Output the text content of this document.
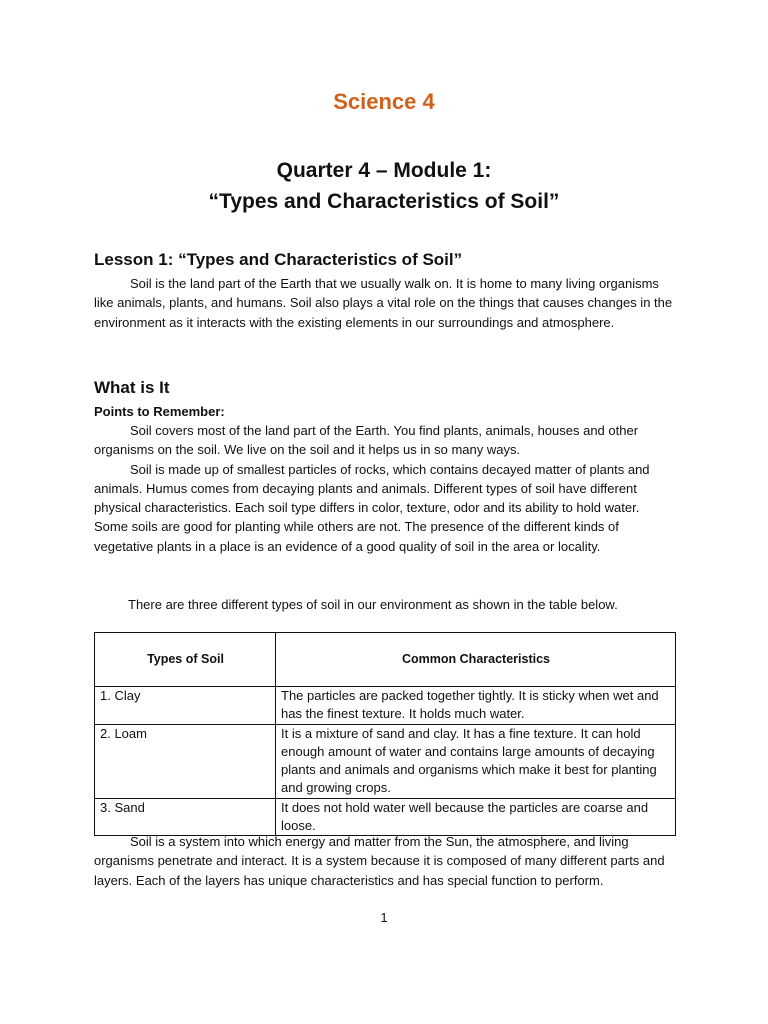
Science 4
Quarter 4 – Module 1:
“Types and Characteristics of Soil”
Lesson 1: “Types and Characteristics of Soil”

Soil is the land part of the Earth that we usually walk on. It is home to many living organisms like animals, plants, and humans. Soil also plays a vital role on the things that causes changes in the environment as it interacts with the existing elements in our surroundings and atmosphere.

What is It
Points to Remember:

Soil covers most of the land part of the Earth. You find plants, animals, houses and other organisms on the soil. We live on the soil and it helps us in so many ways.

Soil is made up of smallest particles of rocks, which contains decayed matter of plants and animals. Humus comes from decaying plants and animals. Different types of soil have different physical characteristics. Each soil type differs in color, texture, odor and its ability to hold water. Some soils are good for planting while others are not. The presence of the different kinds of vegetative plants in a place is an evidence of a good quality of soil in the area or locality.

There are three different types of soil in our environment as shown in the table below.
Types of Soil	Common Characteristics
1. Clay	The particles are packed together tightly. It is sticky when wet and has the finest texture. It holds much water.
2. Loam	It is a mixture of sand and clay. It has a fine texture. It can hold enough amount of water and contains large amounts of decaying plants and animals and organisms which make it best for planting and growing crops.
3. Sand	It does not hold water well because the particles are coarse and loose.

Soil is a system into which energy and matter from the Sun, the atmosphere, and living organisms penetrate and interact. It is a system because it is composed of many different parts and layers. Each of the layers has unique characteristics and has special function to perform.

1
